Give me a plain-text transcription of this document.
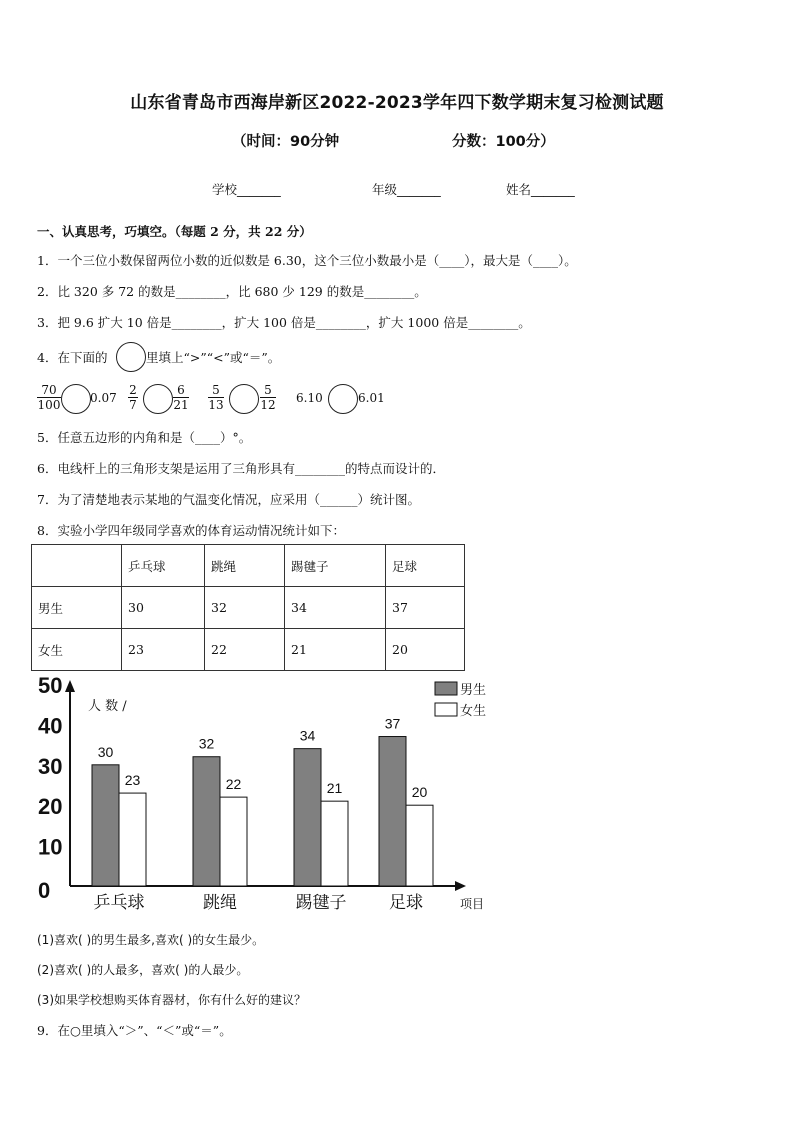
山东省青岛市西海岸新区2022-2023学年四下数学期末复习检测试题
（时间：90分钟	分数：100分）
学校_______	年级_______	姓名_______
一、认真思考，巧填空。（每题 2 分，共 22 分）
1．一个三位小数保留两位小数的近似数是 6.30，这个三位小数最小是（____），最大是（____）。
2．比 320 多 72 的数是________，比 680 少 129 的数是________。
3．把 9.6 扩大 10 倍是________，扩大 100 倍是________，扩大 1000 倍是________。
4．在下面的	里填上“>”“<”或“＝”。
$\frac{70}{100} 0.07 \frac{2}{7}$	$\frac{6}{21} \frac{5}{13}$	$\frac{5}{12} 6.10$	6.01
5．任意五边形的内角和是（____）°。
6．电线杆上的三角形支架是运用了三角形具有________的特点而设计的．
7．为了清楚地表示某地的气温变化情况，应采用（______）统计图。
8．实验小学四年级同学喜欢的体育运动情况统计如下：
	乒乓球	跳绳	踢毽子	足球
男生	30	32	34	37
女生	23	22	21	20
0
10
20
30
40
50
人 数 /
项目
30
23
乒乓球
32
22
跳绳
34
21
踢毽子
37
20
足球
男生
女生
(1)喜欢( )的男生最多,喜欢( )的女生最少。
(2)喜欢( )的人最多，喜欢( )的人最少。
(3)如果学校想购买体育器材，你有什么好的建议？
9．在○里填入“＞”、“＜”或“＝”。
